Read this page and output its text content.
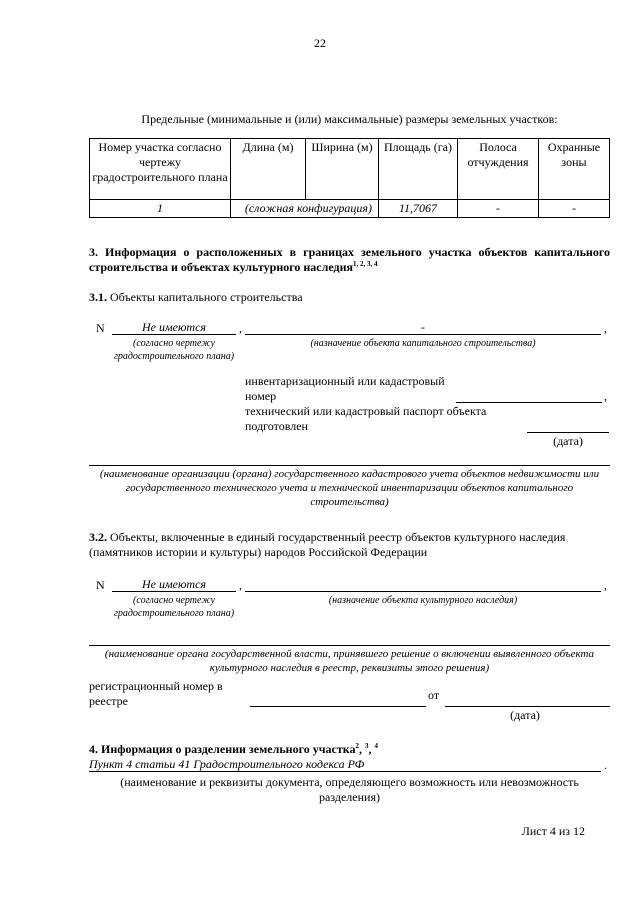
22
Предельные (минимальные и (или) максимальные) размеры земельных участков:
Номер участка согласно чертежу градостроительного плана	Длина (м)	Ширина (м)	Площадь (га)	Полоса отчуждения	Охранные зоны
1	(сложная конфигурация)		11,7067	-	-
3. Информация о расположенных в границах земельного участка объектов капитального строительства и объектах культурного наследия$^{1, 2, 3, 4}$
3.1. Объекты капитального строительства
N	Не имеются	,	-	,
(согласно чертежу градостроительного плана)
(назначение объекта капитального строительства)
инвентаризационный или кадастровый номер	,
технический или кадастровый паспорт объекта подготовлен
(дата)
(наименование организации (органа) государственного кадастрового учета объектов недвижимости или государственного технического учета и технической инвентаризации объектов капитального строительства)
3.2. Объекты, включенные в единый государственный реестр объектов культурного наследия (памятников истории и культуры) народов Российской Федерации
N	Не имеются	,	,
(согласно чертежу градостроительного плана)
(назначение объекта культурного наследия)
(наименование органа государственной власти, принявшего решение о включении выявленного объекта культурного наследия в реестр, реквизиты этого решения)
регистрационный номер в реестре	от
(дата)
4. Информация о разделении земельного участка$^2$, $^3$, $^4$
Пункт 4 статьи 41 Градостроительного кодекса РФ	.
(наименование и реквизиты документа, определяющего возможность или невозможность разделения)
Лист 4 из 12
